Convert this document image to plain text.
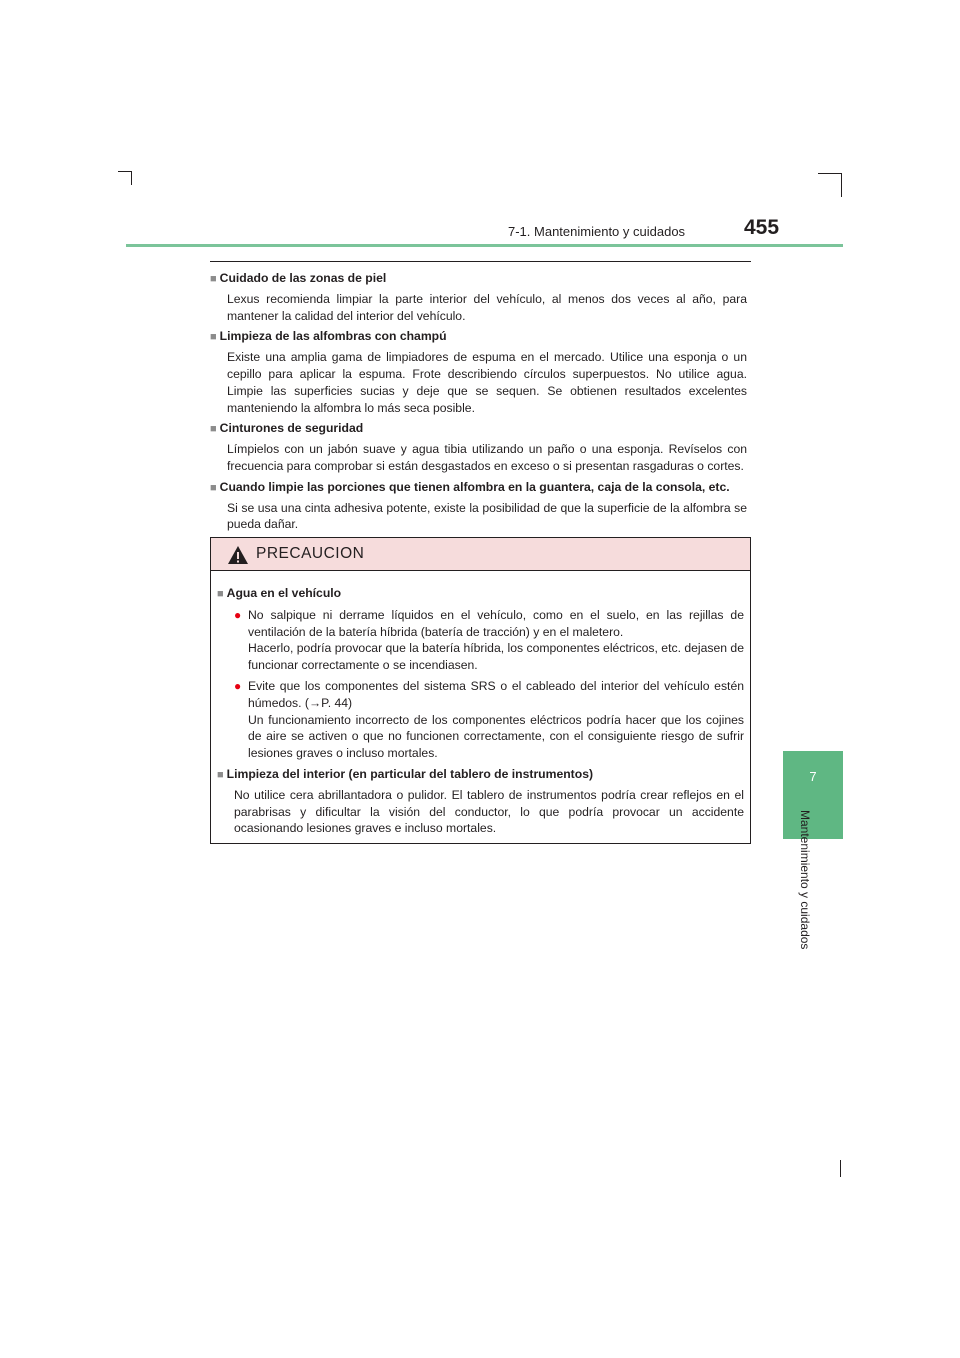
7-1. Mantenimiento y cuidados	455
7
Mantenimiento y cuidados
■ Cuidado de las zonas de piel
Lexus recomienda limpiar la parte interior del vehículo, al menos dos veces al año, para mantener la calidad del interior del vehículo.
■ Limpieza de las alfombras con champú
Existe una amplia gama de limpiadores de espuma en el mercado. Utilice una esponja o un cepillo para aplicar la espuma. Frote describiendo círculos superpuestos. No utilice agua. Limpie las superficies sucias y deje que se sequen. Se obtienen resultados excelentes manteniendo la alfombra lo más seca posible.
■ Cinturones de seguridad
Límpielos con un jabón suave y agua tibia utilizando un paño o una esponja. Revíselos con frecuencia para comprobar si están desgastados en exceso o si presentan rasgaduras o cortes.
■ Cuando limpie las porciones que tienen alfombra en la guantera, caja de la consola, etc.
Si se usa una cinta adhesiva potente, existe la posibilidad de que la superficie de la alfombra se pueda dañar.
PRECAUCION
■ Agua en el vehículo
● No salpique ni derrame líquidos en el vehículo, como en el suelo, en las rejillas de ventilación de la batería híbrida (batería de tracción) y en el maletero.
Hacerlo, podría provocar que la batería híbrida, los componentes eléctricos, etc. dejasen de funcionar correctamente o se incendiasen.
● Evite que los componentes del sistema SRS o el cableado del interior del vehículo estén húmedos. (→P. 44)
Un funcionamiento incorrecto de los componentes eléctricos podría hacer que los cojines de aire se activen o que no funcionen correctamente, con el consiguiente riesgo de sufrir lesiones graves o incluso mortales.
■ Limpieza del interior (en particular del tablero de instrumentos)
No utilice cera abrillantadora o pulidor. El tablero de instrumentos podría crear reflejos en el parabrisas y dificultar la visión del conductor, lo que podría provocar un accidente ocasionando lesiones graves e incluso mortales.
